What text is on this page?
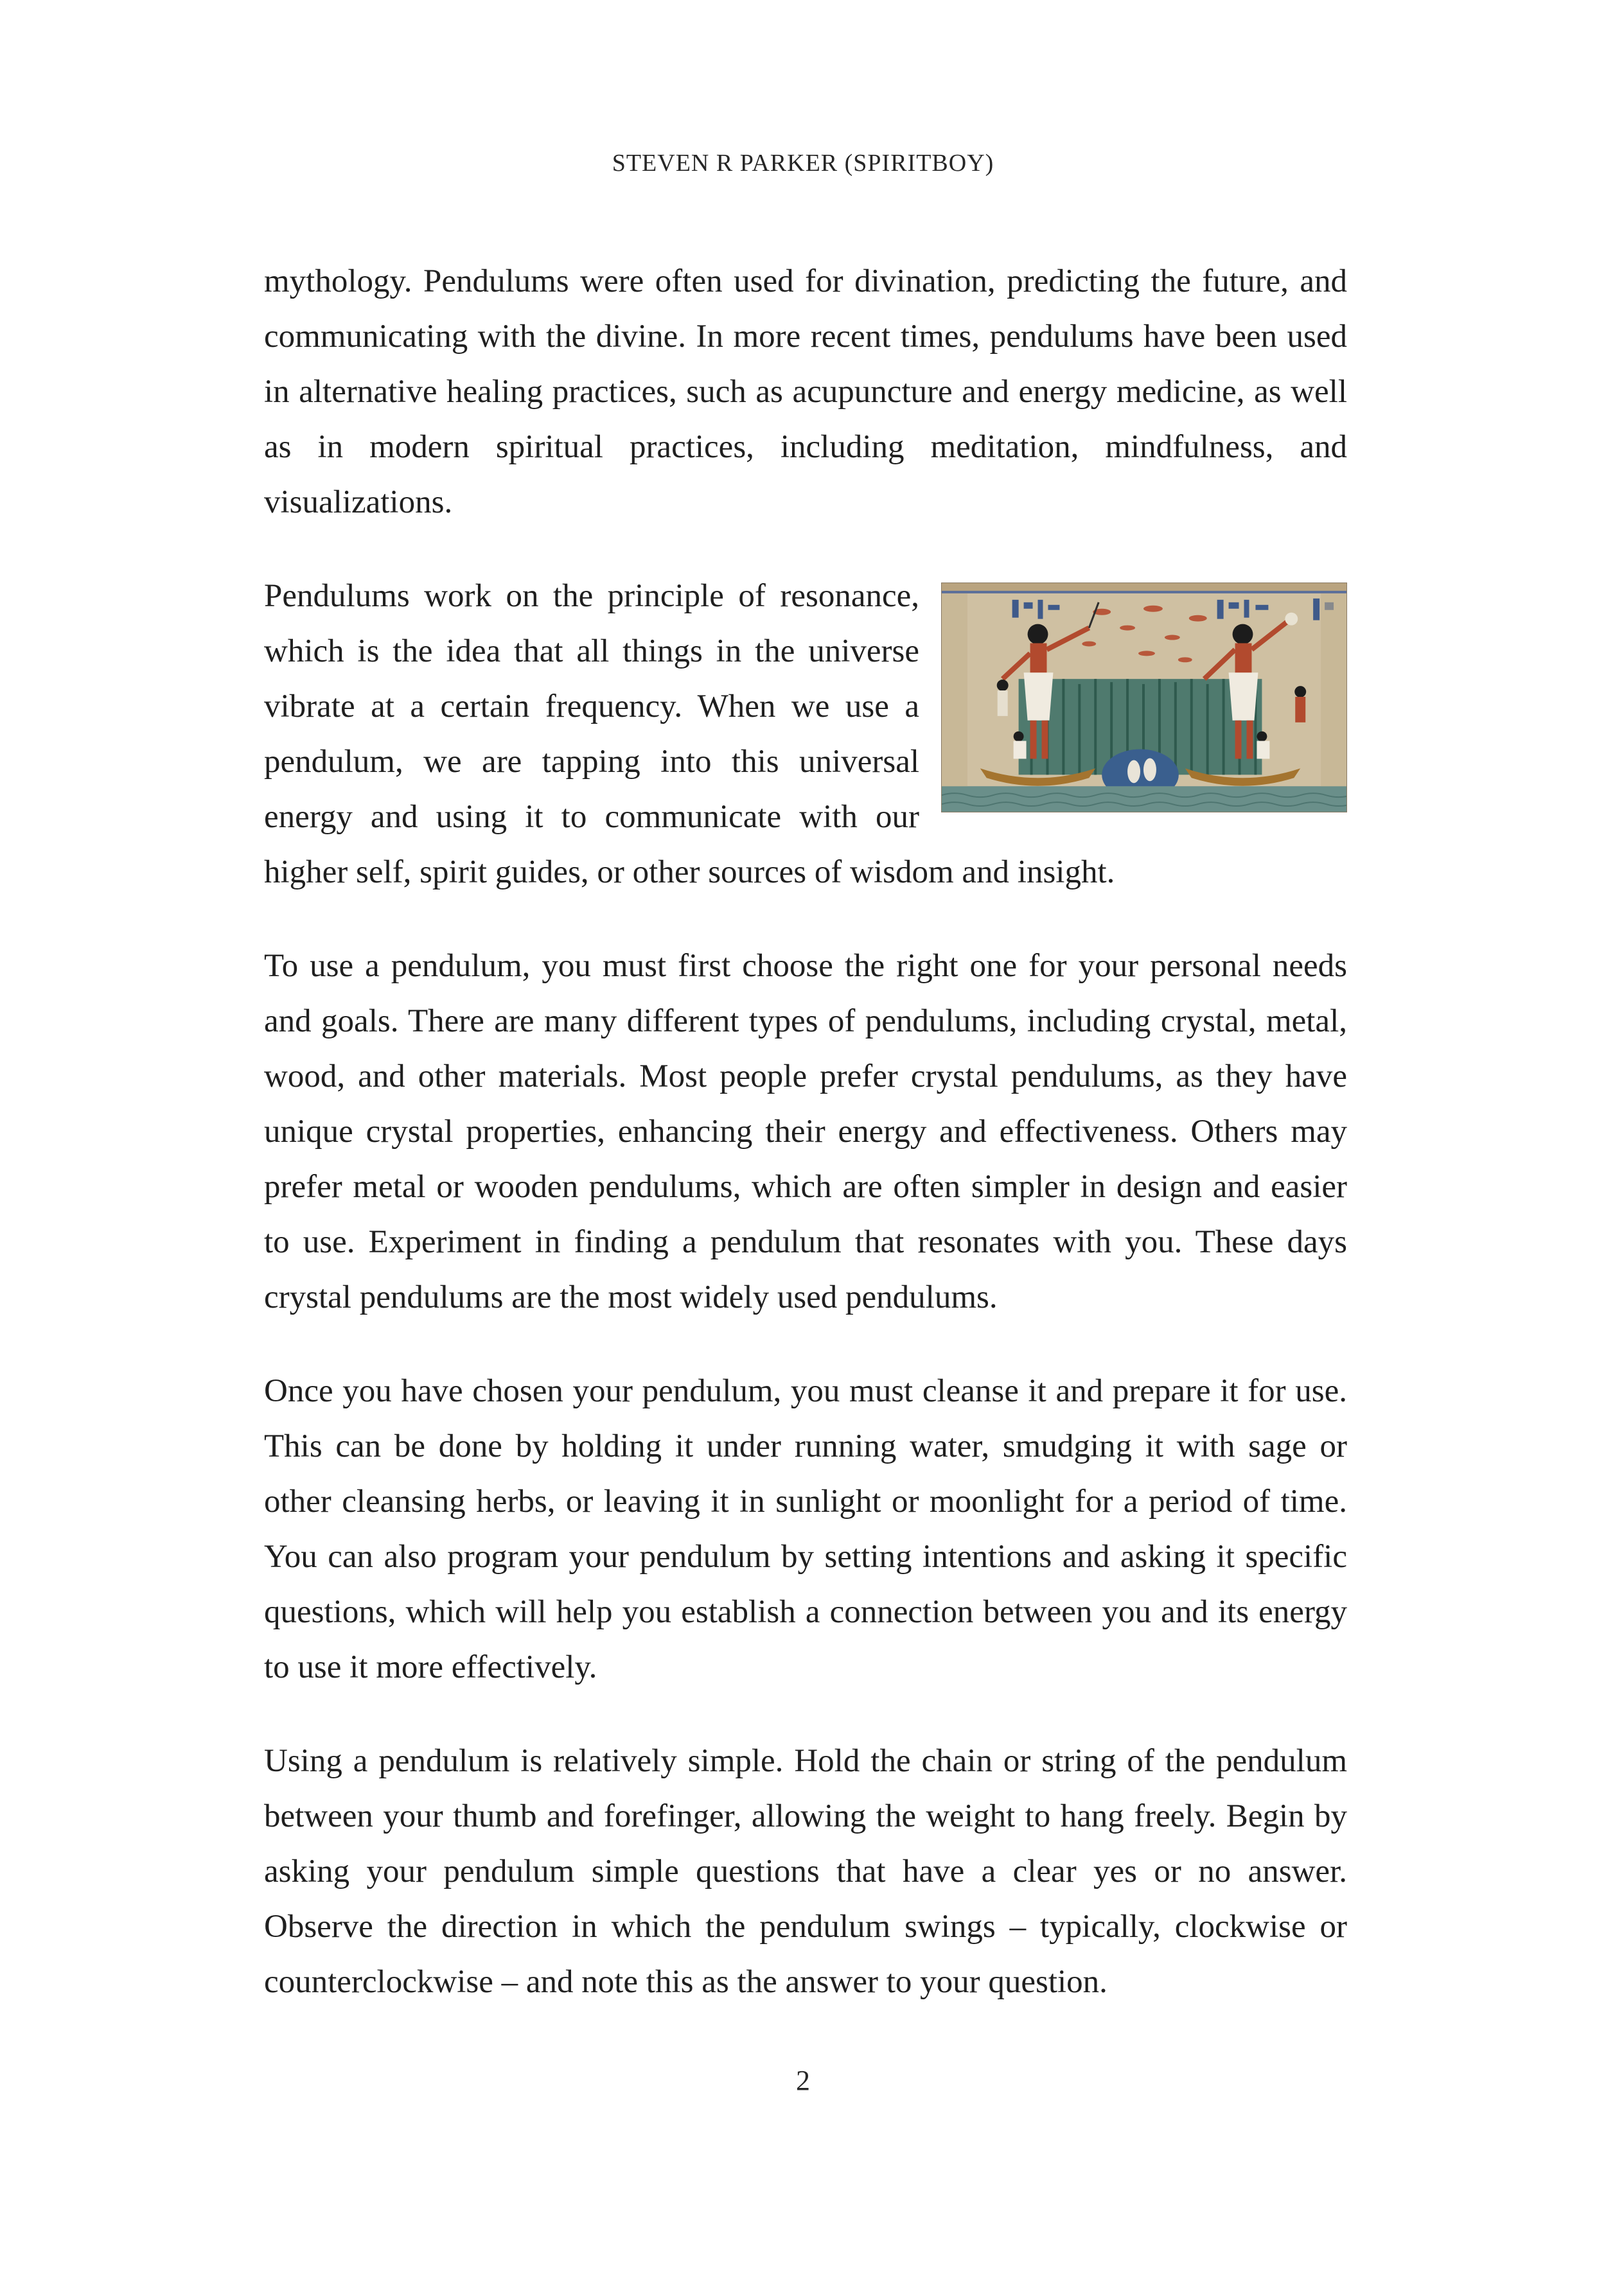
STEVEN R PARKER (SPIRITBOY)

mythology. Pendulums were often used for divination, predicting the future, and communicating with the divine. In more recent times, pendulums have been used in alternative healing practices, such as acupuncture and energy medicine, as well as in modern spiritual practices, including meditation, mindfulness, and visualizations.

Pendulums work on the principle of resonance, which is the idea that all things in the universe vibrate at a certain frequency. When we use a pendulum, we are tapping into this universal energy and using it to communicate with our higher self, spirit guides, or other sources of wisdom and insight.

To use a pendulum, you must first choose the right one for your personal needs and goals. There are many different types of pendulums, including crystal, metal, wood, and other materials. Most people prefer crystal pendulums, as they have unique crystal properties, enhancing their energy and effectiveness. Others may prefer metal or wooden pendulums, which are often simpler in design and easier to use. Experiment in finding a pendulum that resonates with you. These days crystal pendulums are the most widely used pendulums.

Once you have chosen your pendulum, you must cleanse it and prepare it for use. This can be done by holding it under running water, smudging it with sage or other cleansing herbs, or leaving it in sunlight or moonlight for a period of time. You can also program your pendulum by setting intentions and asking it specific questions, which will help you establish a connection between you and its energy to use it more effectively.

Using a pendulum is relatively simple. Hold the chain or string of the pendulum between your thumb and forefinger, allowing the weight to hang freely. Begin by asking your pendulum simple questions that have a clear yes or no answer. Observe the direction in which the pendulum swings – typically, clockwise or counterclockwise – and note this as the answer to your question.

2
